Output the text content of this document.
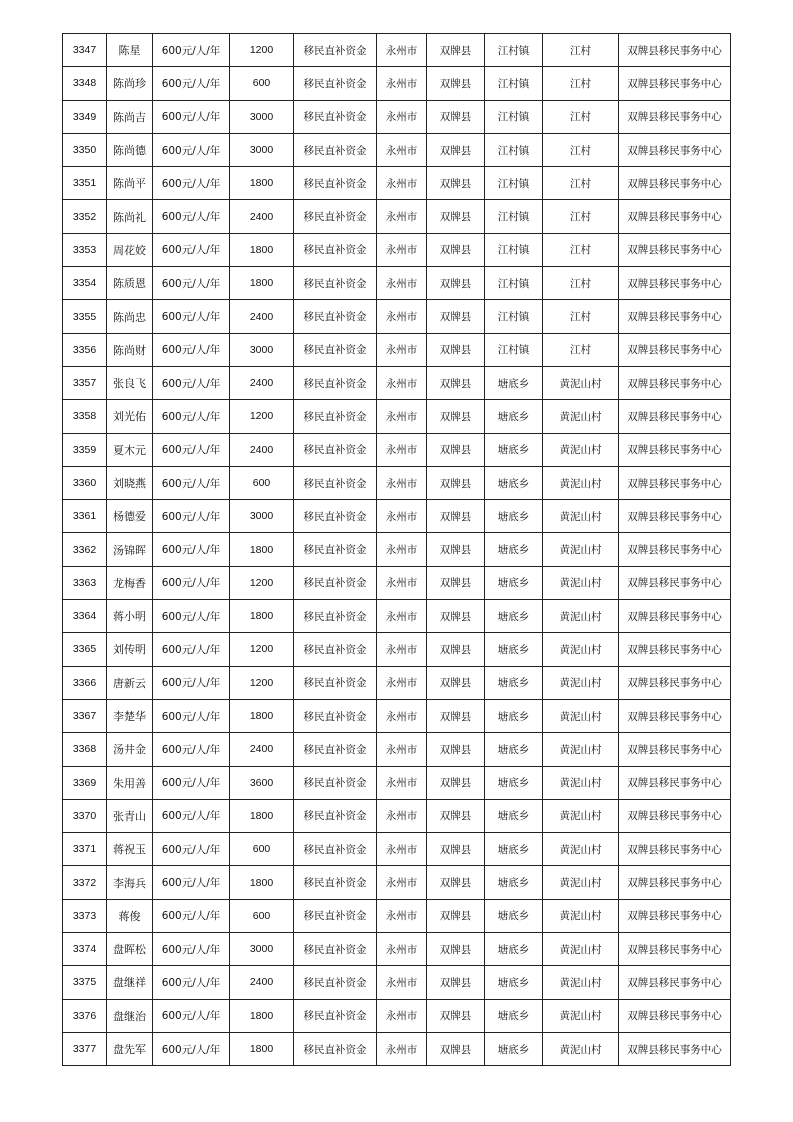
3347	陈星	600元/人/年	1200	移民直补资金	永州市	双牌县	江村镇	江村	双牌县移民事务中心
3348	陈尚珍	600元/人/年	600	移民直补资金	永州市	双牌县	江村镇	江村	双牌县移民事务中心
3349	陈尚吉	600元/人/年	3000	移民直补资金	永州市	双牌县	江村镇	江村	双牌县移民事务中心
3350	陈尚德	600元/人/年	3000	移民直补资金	永州市	双牌县	江村镇	江村	双牌县移民事务中心
3351	陈尚平	600元/人/年	1800	移民直补资金	永州市	双牌县	江村镇	江村	双牌县移民事务中心
3352	陈尚礼	600元/人/年	2400	移民直补资金	永州市	双牌县	江村镇	江村	双牌县移民事务中心
3353	周花姣	600元/人/年	1800	移民直补资金	永州市	双牌县	江村镇	江村	双牌县移民事务中心
3354	陈质恩	600元/人/年	1800	移民直补资金	永州市	双牌县	江村镇	江村	双牌县移民事务中心
3355	陈尚忠	600元/人/年	2400	移民直补资金	永州市	双牌县	江村镇	江村	双牌县移民事务中心
3356	陈尚财	600元/人/年	3000	移民直补资金	永州市	双牌县	江村镇	江村	双牌县移民事务中心
3357	张良飞	600元/人/年	2400	移民直补资金	永州市	双牌县	塘底乡	黄泥山村	双牌县移民事务中心
3358	刘光佑	600元/人/年	1200	移民直补资金	永州市	双牌县	塘底乡	黄泥山村	双牌县移民事务中心
3359	夏木元	600元/人/年	2400	移民直补资金	永州市	双牌县	塘底乡	黄泥山村	双牌县移民事务中心
3360	刘晓燕	600元/人/年	600	移民直补资金	永州市	双牌县	塘底乡	黄泥山村	双牌县移民事务中心
3361	杨德爱	600元/人/年	3000	移民直补资金	永州市	双牌县	塘底乡	黄泥山村	双牌县移民事务中心
3362	汤锦晖	600元/人/年	1800	移民直补资金	永州市	双牌县	塘底乡	黄泥山村	双牌县移民事务中心
3363	龙梅香	600元/人/年	1200	移民直补资金	永州市	双牌县	塘底乡	黄泥山村	双牌县移民事务中心
3364	蒋小明	600元/人/年	1800	移民直补资金	永州市	双牌县	塘底乡	黄泥山村	双牌县移民事务中心
3365	刘传明	600元/人/年	1200	移民直补资金	永州市	双牌县	塘底乡	黄泥山村	双牌县移民事务中心
3366	唐新云	600元/人/年	1200	移民直补资金	永州市	双牌县	塘底乡	黄泥山村	双牌县移民事务中心
3367	李楚华	600元/人/年	1800	移民直补资金	永州市	双牌县	塘底乡	黄泥山村	双牌县移民事务中心
3368	汤井金	600元/人/年	2400	移民直补资金	永州市	双牌县	塘底乡	黄泥山村	双牌县移民事务中心
3369	朱用善	600元/人/年	3600	移民直补资金	永州市	双牌县	塘底乡	黄泥山村	双牌县移民事务中心
3370	张青山	600元/人/年	1800	移民直补资金	永州市	双牌县	塘底乡	黄泥山村	双牌县移民事务中心
3371	蒋祝玉	600元/人/年	600	移民直补资金	永州市	双牌县	塘底乡	黄泥山村	双牌县移民事务中心
3372	李海兵	600元/人/年	1800	移民直补资金	永州市	双牌县	塘底乡	黄泥山村	双牌县移民事务中心
3373	蒋俊	600元/人/年	600	移民直补资金	永州市	双牌县	塘底乡	黄泥山村	双牌县移民事务中心
3374	盘晖松	600元/人/年	3000	移民直补资金	永州市	双牌县	塘底乡	黄泥山村	双牌县移民事务中心
3375	盘继祥	600元/人/年	2400	移民直补资金	永州市	双牌县	塘底乡	黄泥山村	双牌县移民事务中心
3376	盘继治	600元/人/年	1800	移民直补资金	永州市	双牌县	塘底乡	黄泥山村	双牌县移民事务中心
3377	盘先军	600元/人/年	1800	移民直补资金	永州市	双牌县	塘底乡	黄泥山村	双牌县移民事务中心
